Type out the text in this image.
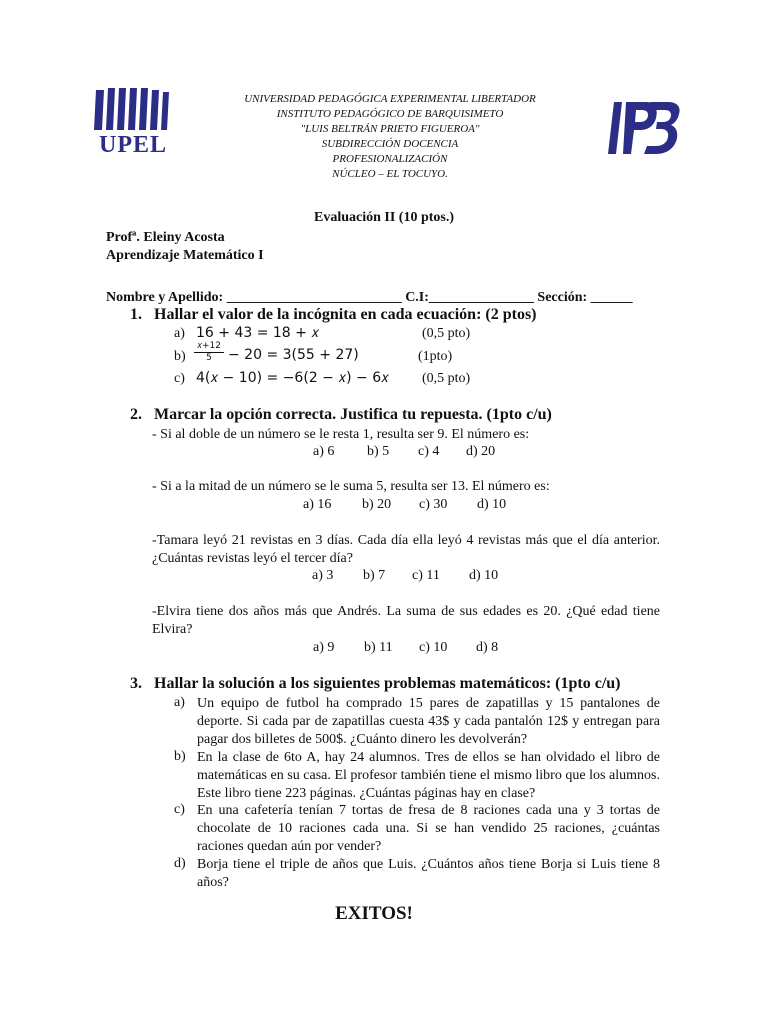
UPEL
UNIVERSIDAD PEDAGÓGICA EXPERIMENTAL LIBERTADOR
INSTITUTO PEDAGÓGICO DE BARQUISIMETO
"LUIS BELTRÁN PRIETO FIGUEROA"
SUBDIRECCIÓN DOCENCIA
PROFESIONALIZACIÓN
NÚCLEO – EL TOCUYO.
Evaluación II (10 ptos.)
Profª. Eleiny Acosta
Aprendizaje Matemático I
Nombre y Apellido: _________________________ C.I:_______________ Sección: ______
1.   Hallar el valor de la incógnita en cada ecuación: (2 ptos)
a) 16 + 43 = 18 + 𝑥	(0,5 pto)
b)
𝑥+12
5	− 20 = 3(55 + 27)	(1pto)
c) 4(𝑥 − 10) = −6(2 − 𝑥) − 6𝑥 (0,5 pto)
2.   Marcar la opción correcta. Justifica tu repuesta. (1pto c/u)
- Si al doble de un número se le resta 1, resulta ser 9. El número es:
a) 6 b) 5 c) 4 d) 20
- Si a la mitad de un número se le suma 5, resulta ser 13. El número es:
a) 16 b) 20 c) 30 d) 10
-Tamara leyó 21 revistas en 3 días. Cada día ella leyó 4 revistas más que el día anterior. ¿Cuántas revistas leyó el tercer día?
a) 3 b) 7 c) 11 d) 10
-Elvira tiene dos años más que Andrés. La suma de sus edades es 20. ¿Qué edad tiene Elvira?
a) 9 b) 11 c) 10 d) 8
3.   Hallar la solución a los siguientes problemas matemáticos: (1pto c/u)
a) Un equipo de futbol ha comprado 15 pares de zapatillas y 15 pantalones de deporte. Si cada par de zapatillas cuesta 43$ y cada pantalón 12$ y entregan para pagar dos billetes de 500$. ¿Cuánto dinero les devolverán?
b) En la clase de 6to A, hay 24 alumnos. Tres de ellos se han olvidado el libro de matemáticas en su casa. El profesor también tiene el mismo libro que los alumnos. Este libro tiene 223 páginas. ¿Cuántas páginas hay en clase?
c) En una cafetería tenían 7 tortas de fresa de 8 raciones cada una y 3 tortas de chocolate de 10 raciones cada una. Si se han vendido 25 raciones, ¿cuántas raciones quedan aún por vender?
d) Borja tiene el triple de años que Luis. ¿Cuántos años tiene Borja si Luis tiene 8 años?
EXITOS!
